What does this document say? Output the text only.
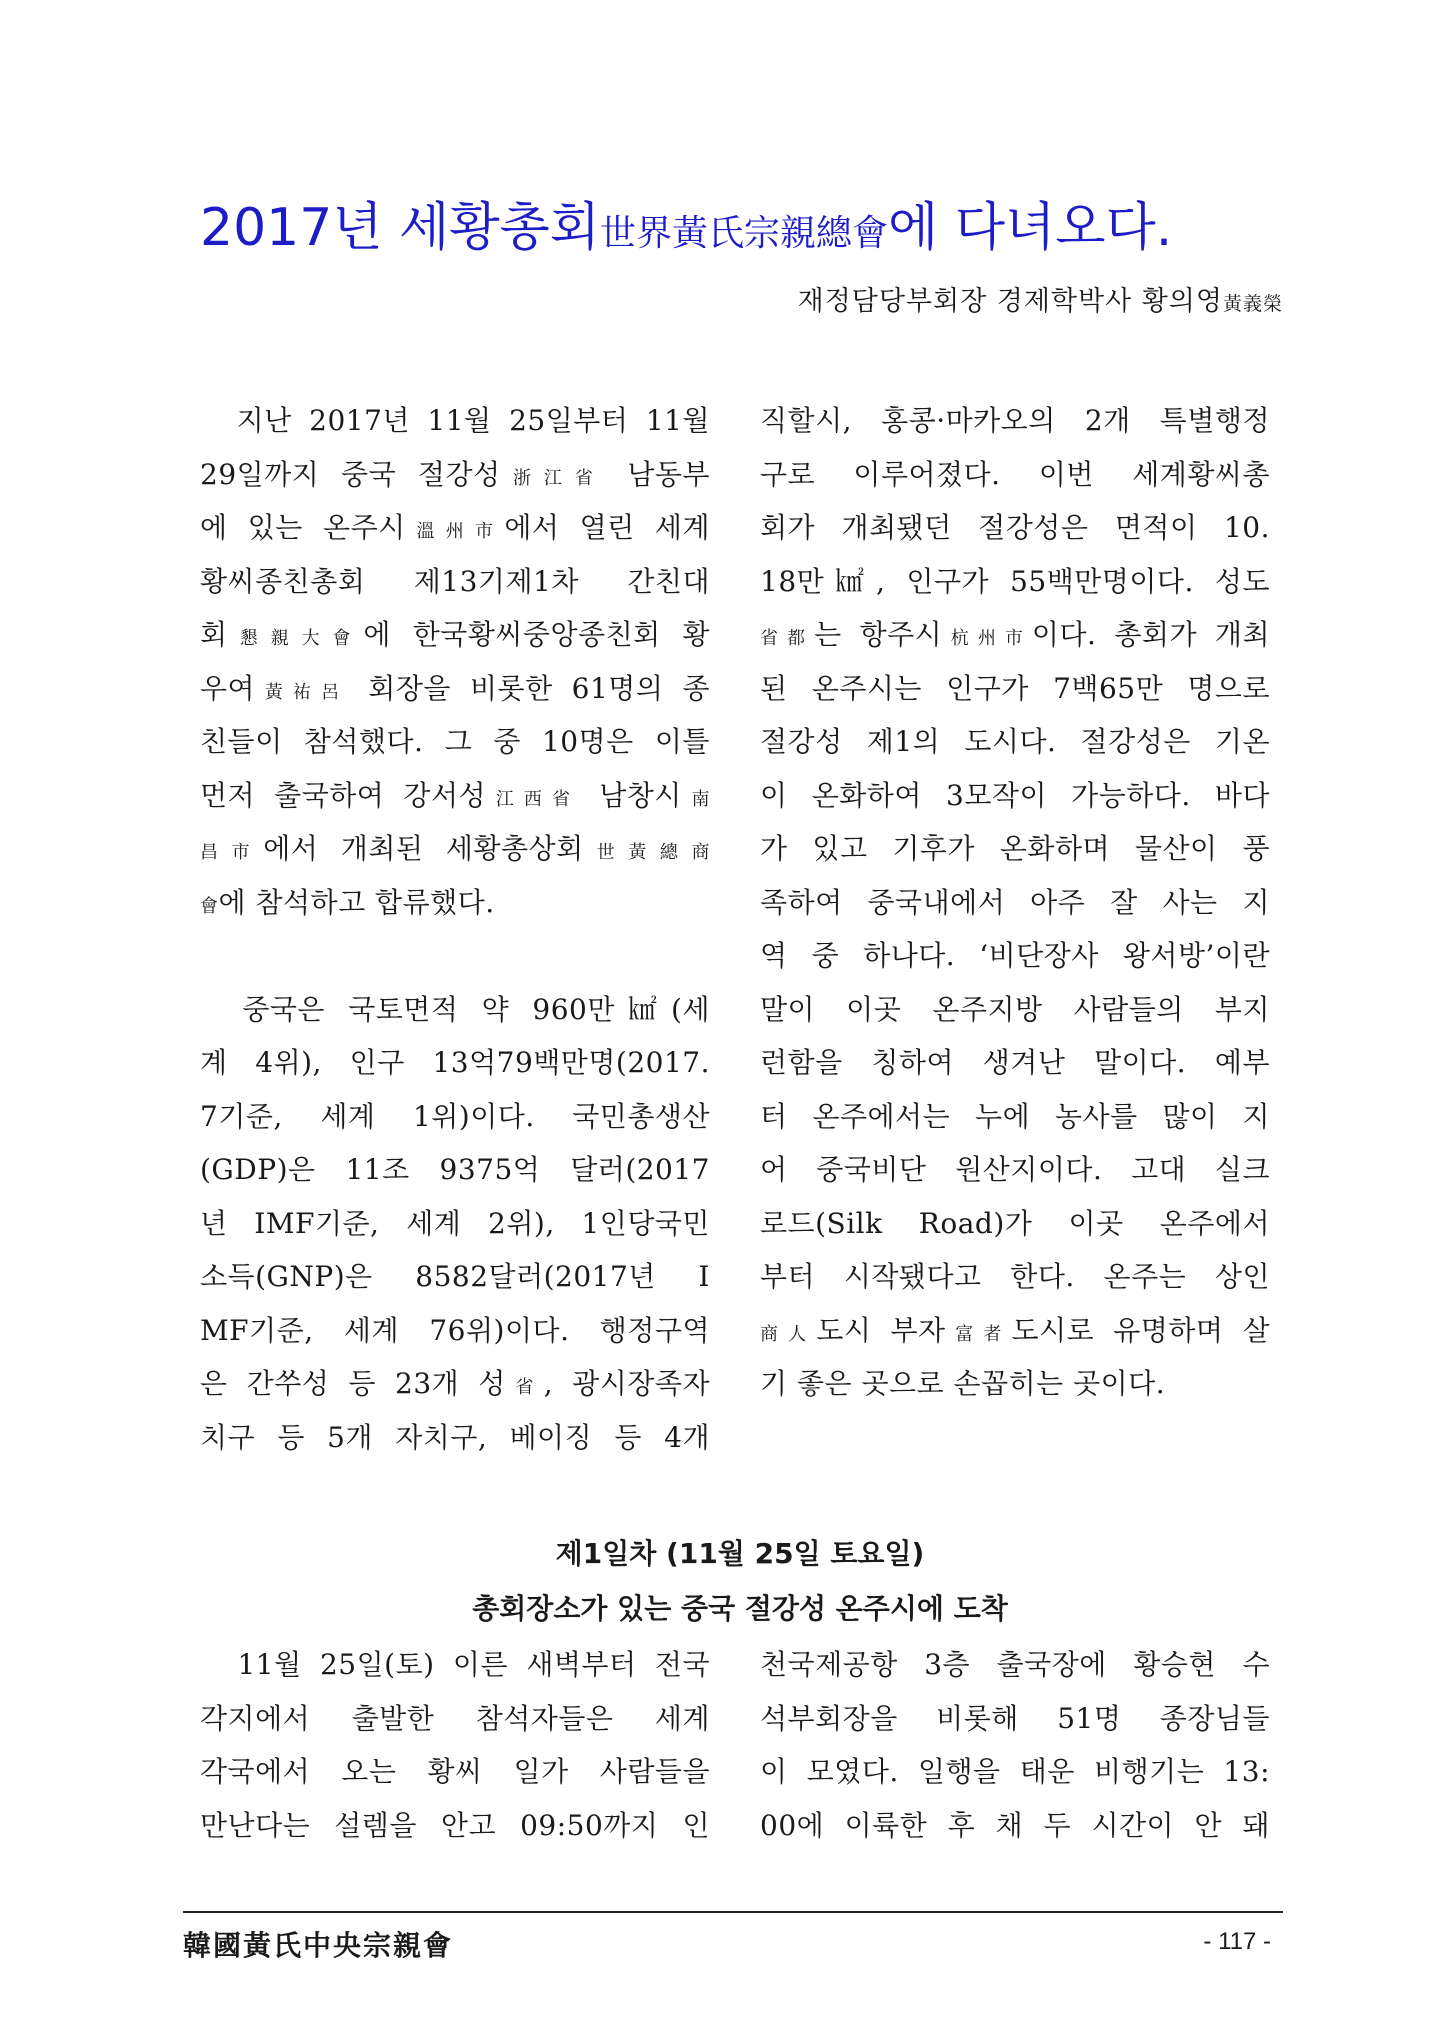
2017년 세황총회世界黃氏宗親總會에 다녀오다.
재정담당부회장 경제학박사 황의영黃義榮
　지난 2017년 11월 25일부터 11월
29일까지 중국 절강성浙江省 남동부
에 있는 온주시溫州市에서 열린 세계
황씨종친총회 제13기제1차 간친대
회懇親大會에 한국황씨중앙종친회 황
우여黃祐呂 회장을 비롯한 61명의 종
친들이 참석했다. 그 중 10명은 이틀
먼저 출국하여 강서성江西省 남창시南
昌市에서 개최된 세황총상회世黃總商
會에 참석하고 합류했다.
　중국은 국토면적 약 960만㎢(세
계 4위), 인구 13억79백만명(2017.
7기준, 세계 1위)이다. 국민총생산
(GDP)은 11조 9375억 달러(2017
년 IMF기준, 세계 2위), 1인당국민
소득(GNP)은 8582달러(2017년 I
MF기준, 세계 76위)이다. 행정구역
은 간쑤성 등 23개 성省, 광시장족자
치구 등 5개 자치구, 베이징 등 4개
직할시, 홍콩·마카오의 2개 특별행정
구로 이루어졌다. 이번 세계황씨총
회가 개최됐던 절강성은 면적이 10.
18만㎢, 인구가 55백만명이다. 성도
省都는 항주시杭州市이다. 총회가 개최
된 온주시는 인구가 7백65만 명으로
절강성 제1의 도시다. 절강성은 기온
이 온화하여 3모작이 가능하다. 바다
가 있고 기후가 온화하며 물산이 풍
족하여 중국내에서 아주 잘 사는 지
역 중 하나다. ‘비단장사 왕서방’이란
말이 이곳 온주지방 사람들의 부지
런함을 칭하여 생겨난 말이다. 예부
터 온주에서는 누에 농사를 많이 지
어 중국비단 원산지이다. 고대 실크
로드(Silk Road)가 이곳 온주에서
부터 시작됐다고 한다. 온주는 상인
商人도시 부자富者도시로 유명하며 살
기 좋은 곳으로 손꼽히는 곳이다.
제1일차 (11월 25일 토요일)
총회장소가 있는 중국 절강성 온주시에 도착
　11월 25일(토) 이른 새벽부터 전국
각지에서 출발한 참석자들은 세계
각국에서 오는 황씨 일가 사람들을
만난다는 설렘을 안고 09:50까지 인
천국제공항 3층 출국장에 황승현 수
석부회장을 비롯해 51명 종장님들
이 모였다. 일행을 태운 비행기는 13:
00에 이륙한 후 채 두 시간이 안 돼
韓國黃氏中央宗親會	- 117 -
